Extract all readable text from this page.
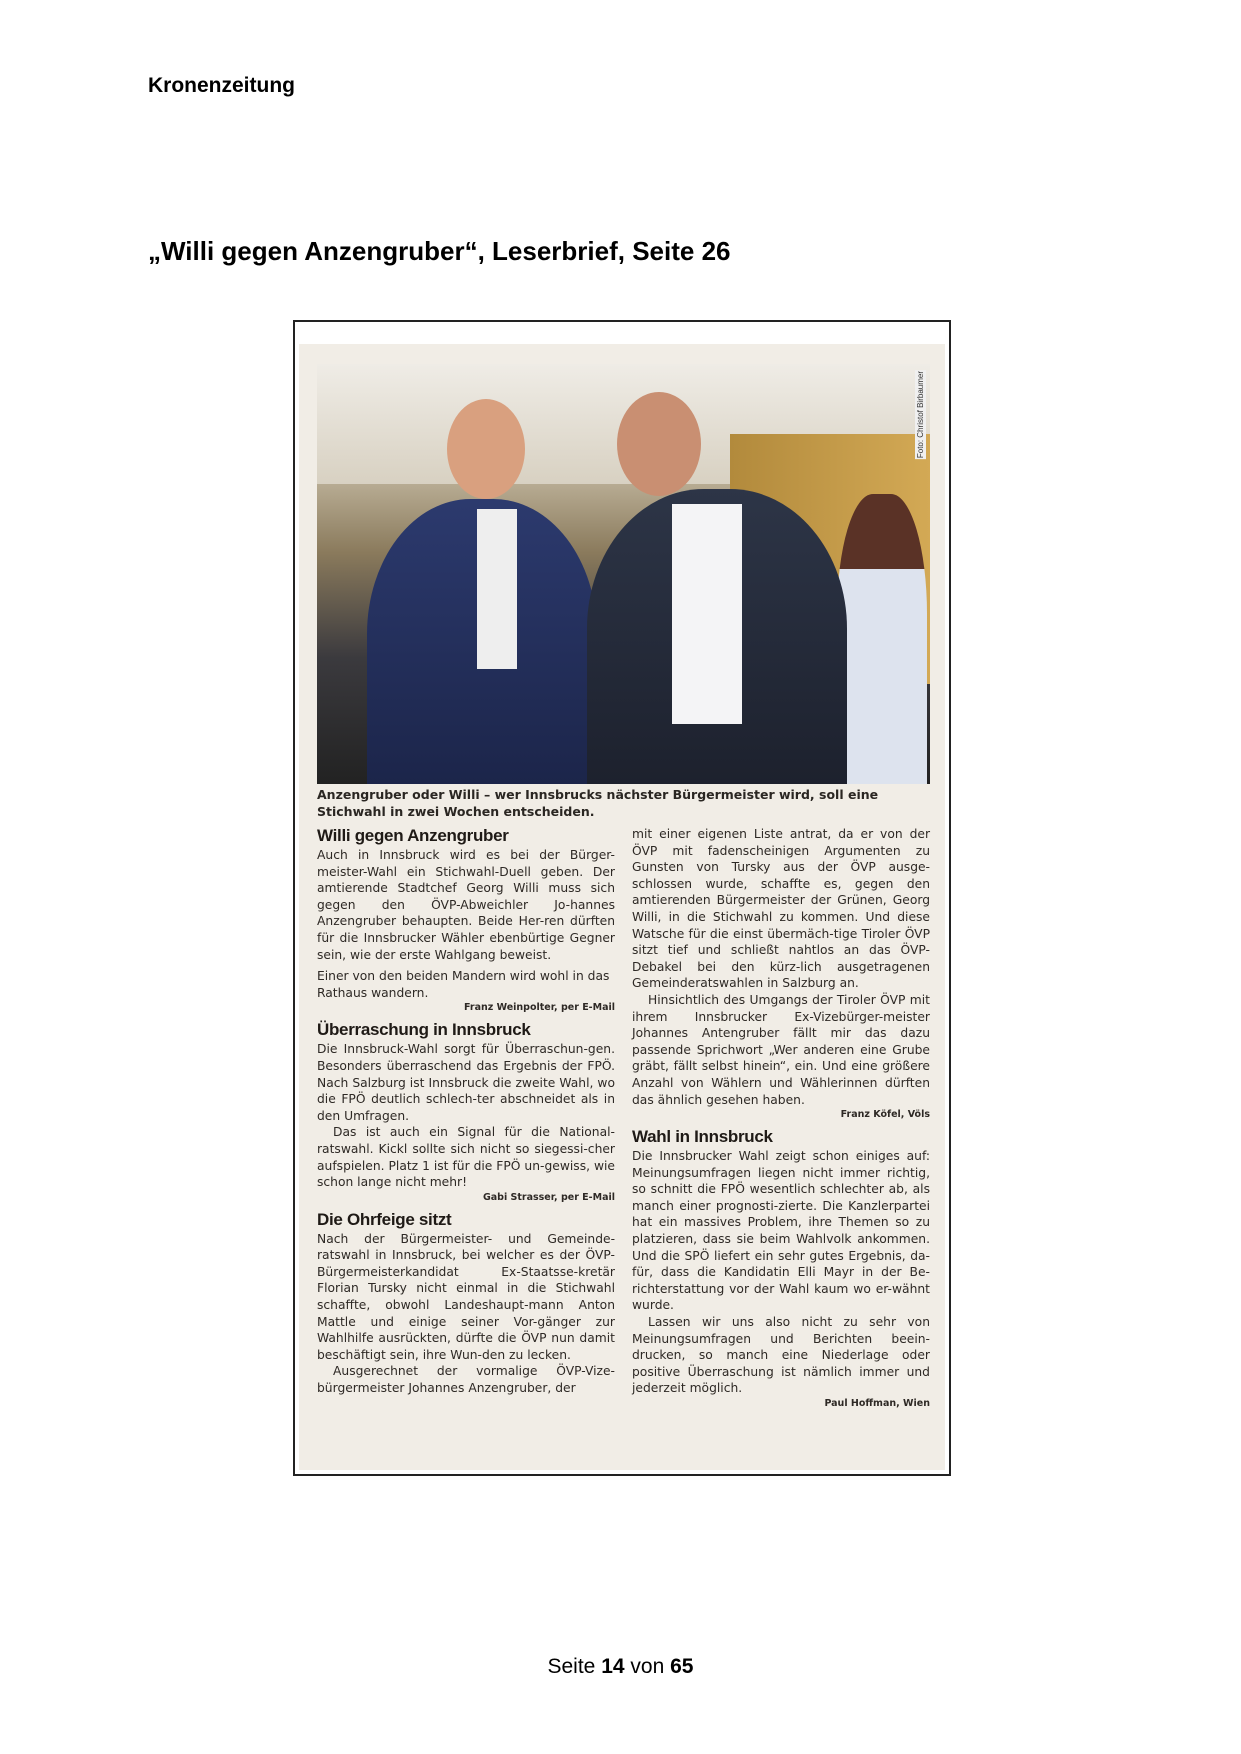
Kronenzeitung
„Willi gegen Anzengruber“, Leserbrief, Seite 26
Foto: Christof Birbaumer
Anzengruber oder Willi – wer Innsbrucks nächster Bürgermeister wird, soll eine Stichwahl in zwei Wochen entscheiden.
Willi gegen Anzengruber

Auch in Innsbruck wird es bei der Bürger-meister-Wahl ein Stichwahl-Duell geben. Der amtierende Stadtchef Georg Willi muss sich gegen den ÖVP-Abweichler Jo-hannes Anzengruber behaupten. Beide Her-ren dürften für die Innsbrucker Wähler ebenbürtige Gegner sein, wie der erste Wahlgang beweist.

Einer von den beiden Mandern wird wohl in das Rathaus wandern.

Franz Weinpolter, per E-Mail
Überraschung in Innsbruck

Die Innsbruck-Wahl sorgt für Überraschun-gen. Besonders überraschend das Ergebnis der FPÖ. Nach Salzburg ist Innsbruck die zweite Wahl, wo die FPÖ deutlich schlech-ter abschneidet als in den Umfragen.

Das ist auch ein Signal für die National-ratswahl. Kickl sollte sich nicht so siegessi-cher aufspielen. Platz 1 ist für die FPÖ un-gewiss, wie schon lange nicht mehr!

Gabi Strasser, per E-Mail
Die Ohrfeige sitzt

Nach der Bürgermeister- und Gemeinde-ratswahl in Innsbruck, bei welcher es der ÖVP-Bürgermeisterkandidat Ex-Staatsse-kretär Florian Tursky nicht einmal in die Stichwahl schaffte, obwohl Landeshaupt-mann Anton Mattle und einige seiner Vor-gänger zur Wahlhilfe ausrückten, dürfte die ÖVP nun damit beschäftigt sein, ihre Wun-den zu lecken.

Ausgerechnet der vormalige ÖVP-Vize-bürgermeister Johannes Anzengruber, der

mit einer eigenen Liste antrat, da er von der ÖVP mit fadenscheinigen Argumenten zu Gunsten von Tursky aus der ÖVP ausge-schlossen wurde, schaffte es, gegen den amtierenden Bürgermeister der Grünen, Georg Willi, in die Stichwahl zu kommen. Und diese Watsche für die einst übermäch-tige Tiroler ÖVP sitzt tief und schließt nahtlos an das ÖVP-Debakel bei den kürz-lich ausgetragenen Gemeinderatswahlen in Salzburg an.

Hinsichtlich des Umgangs der Tiroler ÖVP mit ihrem Innsbrucker Ex-Vizebürger-meister Johannes Antengruber fällt mir das dazu passende Sprichwort „Wer anderen eine Grube gräbt, fällt selbst hinein“, ein. Und eine größere Anzahl von Wählern und Wählerinnen dürften das ähnlich gesehen haben.

Franz Köfel, Völs
Wahl in Innsbruck

Die Innsbrucker Wahl zeigt schon einiges auf: Meinungsumfragen liegen nicht immer richtig, so schnitt die FPÖ wesentlich schlechter ab, als manch einer prognosti-zierte. Die Kanzlerpartei hat ein massives Problem, ihre Themen so zu platzieren, dass sie beim Wahlvolk ankommen. Und die SPÖ liefert ein sehr gutes Ergebnis, da-für, dass die Kandidatin Elli Mayr in der Be-richterstattung vor der Wahl kaum wo er-wähnt wurde.

Lassen wir uns also nicht zu sehr von Meinungsumfragen und Berichten beein-drucken, so manch eine Niederlage oder positive Überraschung ist nämlich immer und jederzeit möglich.

Paul Hoffman, Wien
Seite 14 von 65
